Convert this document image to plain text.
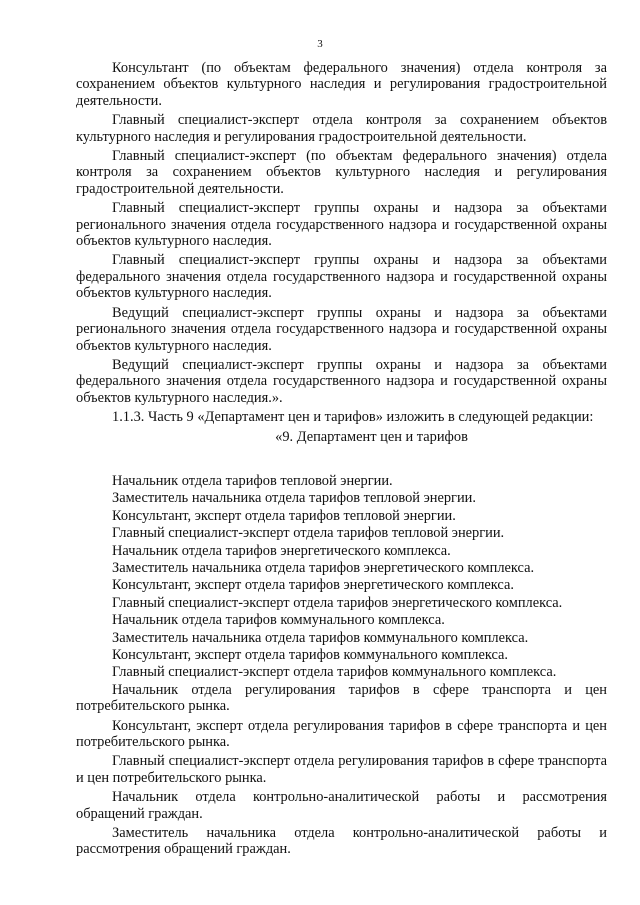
3

Консультант (по объектам федерального значения) отдела контроля за сохранением объектов культурного наследия и регулирования градостроительной деятельности.

Главный специалист-эксперт отдела контроля за сохранением объектов культурного наследия и регулирования градостроительной деятельности.

Главный специалист-эксперт (по объектам федерального значения) отдела контроля за сохранением объектов культурного наследия и регулирования градостроительной деятельности.

Главный специалист-эксперт группы охраны и надзора за объектами регионального значения отдела государственного надзора и государственной охраны объектов культурного наследия.

Главный специалист-эксперт группы охраны и надзора за объектами федерального значения отдела государственного надзора и государственной охраны объектов культурного наследия.

Ведущий специалист-эксперт группы охраны и надзора за объектами регионального значения отдела государственного надзора и государственной охраны объектов культурного наследия.

Ведущий специалист-эксперт группы охраны и надзора за объектами федерального значения отдела государственного надзора и государственной охраны объектов культурного наследия.».

1.1.3. Часть 9 «Департамент цен и тарифов» изложить в следующей редакции:

«9. Департамент цен и тарифов

Начальник отдела тарифов тепловой энергии.

Заместитель начальника отдела тарифов тепловой энергии.

Консультант, эксперт отдела тарифов тепловой энергии.

Главный специалист-эксперт отдела тарифов тепловой энергии.

Начальник отдела тарифов энергетического комплекса.

Заместитель начальника отдела тарифов энергетического комплекса.

Консультант, эксперт отдела тарифов энергетического комплекса.

Главный специалист-эксперт отдела тарифов энергетического комплекса.

Начальник отдела тарифов коммунального комплекса.

Заместитель начальника отдела тарифов коммунального комплекса.

Консультант, эксперт отдела тарифов коммунального комплекса.

Главный специалист-эксперт отдела тарифов коммунального комплекса.

Начальник отдела регулирования тарифов в сфере транспорта и цен потребительского рынка.

Консультант, эксперт отдела регулирования тарифов в сфере транспорта и цен потребительского рынка.

Главный специалист-эксперт отдела регулирования тарифов в сфере транспорта и цен потребительского рынка.

Начальник отдела контрольно-аналитической работы и рассмотрения обращений граждан.

Заместитель начальника отдела контрольно-аналитической работы и рассмотрения обращений граждан.
